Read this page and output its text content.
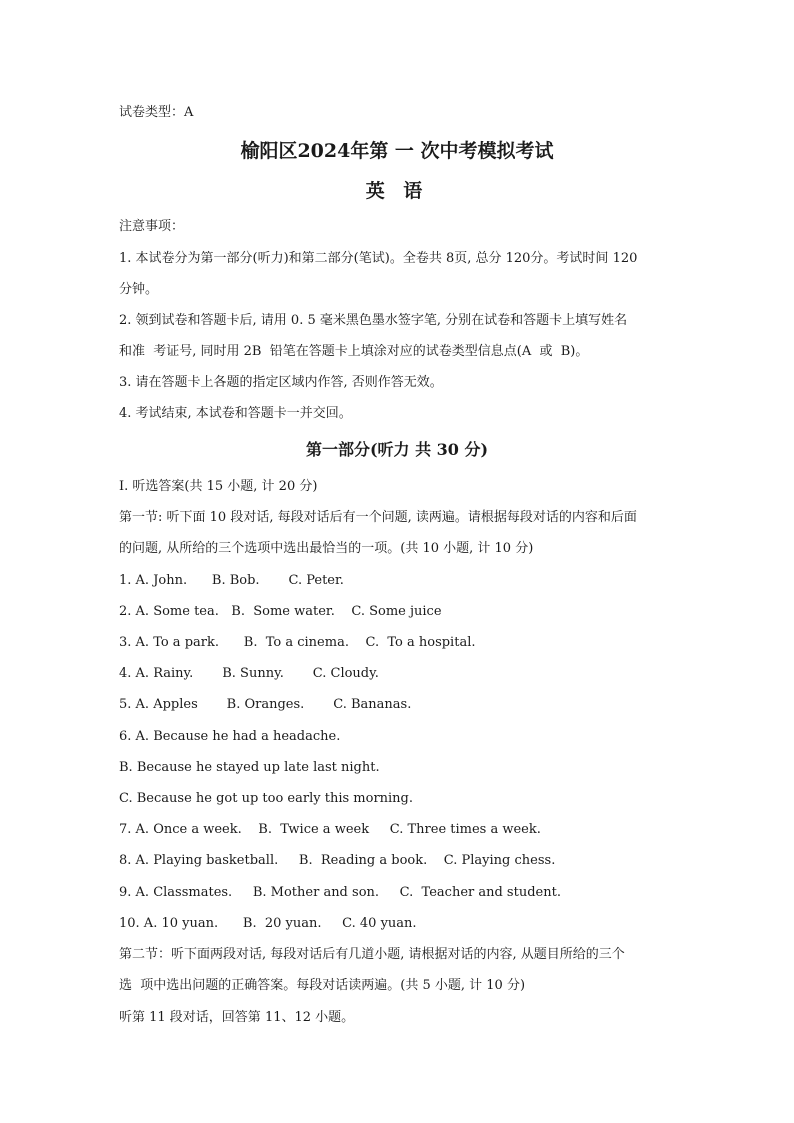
试卷类型：A
榆阳区2024年第 一 次中考模拟考试
英 语
注意事项：
1. 本试卷分为第一部分(听力)和第二部分(笔试)。全卷共 8页, 总分 120分。考试时间 120
分钟。
2. 领到试卷和答题卡后, 请用 0. 5 毫米黑色墨水签字笔, 分别在试卷和答题卡上填写姓名
和准  考证号, 同时用 2B  铅笔在答题卡上填涂对应的试卷类型信息点(A  或  B)。
3. 请在答题卡上各题的指定区域内作答, 否则作答无效。
4. 考试结束, 本试卷和答题卡一并交回。
第一部分(听力 共 30 分)
I. 听选答案(共 15 小题, 计 20 分)
第一节: 听下面 10 段对话, 每段对话后有一个问题, 读两遍。请根据每段对话的内容和后面
的问题, 从所给的三个选项中选出最恰当的一项。(共 10 小题, 计 10 分)
1. A. John.      B. Bob.       C. Peter.
2. A. Some tea.   B.  Some water.    C. Some juice
3. A. To a park.      B.  To a cinema.    C.  To a hospital.
4. A. Rainy.       B. Sunny.       C. Cloudy.
5. A. Apples       B. Oranges.       C. Bananas.
6. A. Because he had a headache.
B. Because he stayed up late last night.
C. Because he got up too early this morning.
7. A. Once a week.    B.  Twice a week     C. Three times a week.
8. A. Playing basketball.     B.  Reading a book.    C. Playing chess.
9. A. Classmates.     B. Mother and son.     C.  Teacher and student.
10. A. 10 yuan.      B.  20 yuan.     C. 40 yuan.
第二节：听下面两段对话, 每段对话后有几道小题, 请根据对话的内容, 从题目所给的三个
选  项中选出问题的正确答案。每段对话读两遍。(共 5 小题, 计 10 分)
听第 11 段对话，回答第 11、12 小题。
